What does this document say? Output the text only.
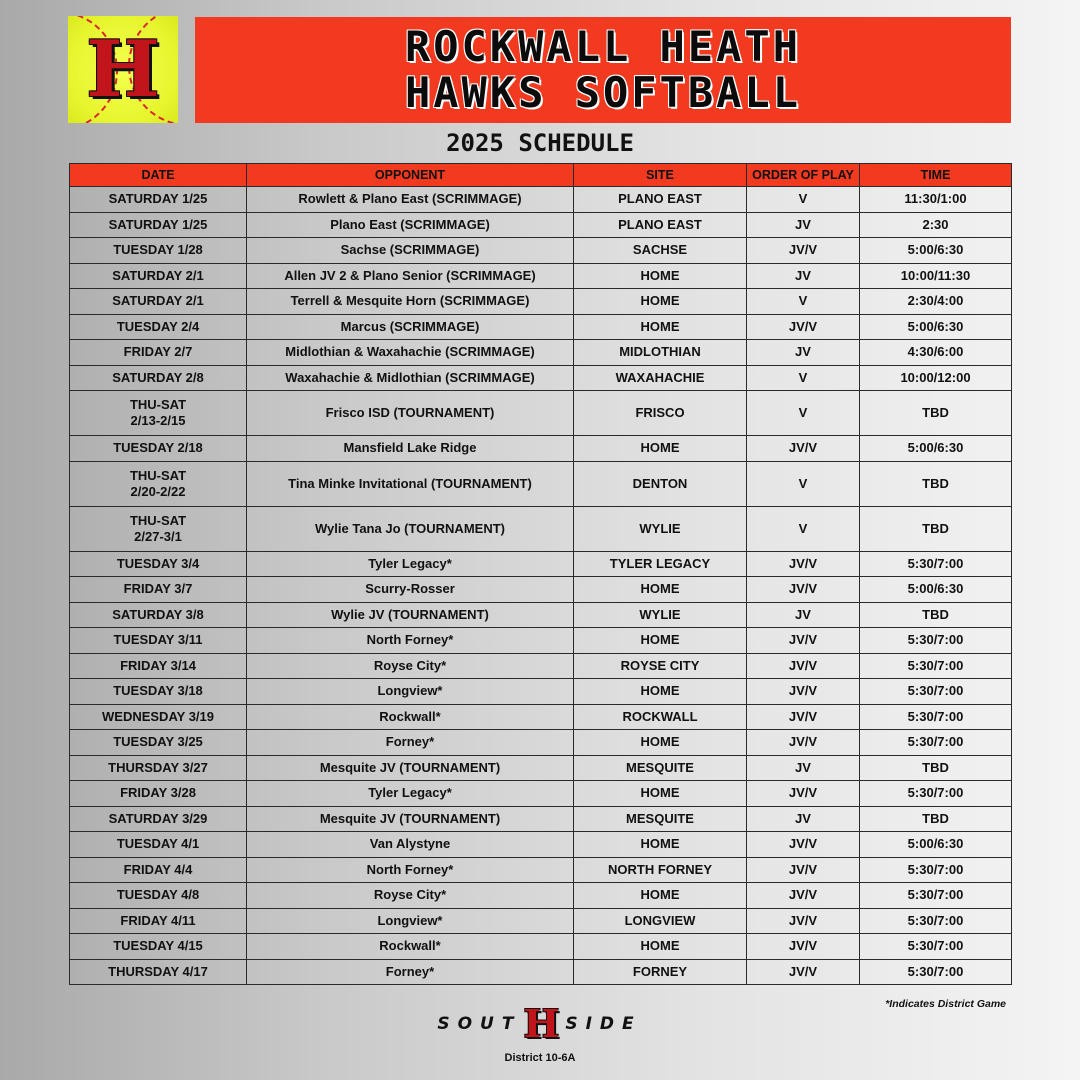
H	ROCKWALL HEATH
HAWKS SOFTBALL
2025 SCHEDULE
DATE	OPPONENT	SITE	ORDER OF PLAY	TIME
SATURDAY 1/25	Rowlett & Plano East (SCRIMMAGE)	PLANO EAST	V	11:30/1:00
SATURDAY 1/25	Plano East (SCRIMMAGE)	PLANO EAST	JV	2:30
TUESDAY 1/28	Sachse (SCRIMMAGE)	SACHSE	JV/V	5:00/6:30
SATURDAY 2/1	Allen JV 2 & Plano Senior (SCRIMMAGE)	HOME	JV	10:00/11:30
SATURDAY 2/1	Terrell & Mesquite Horn (SCRIMMAGE)	HOME	V	2:30/4:00
TUESDAY 2/4	Marcus (SCRIMMAGE)	HOME	JV/V	5:00/6:30
FRIDAY 2/7	Midlothian & Waxahachie (SCRIMMAGE)	MIDLOTHIAN	JV	4:30/6:00
SATURDAY 2/8	Waxahachie & Midlothian (SCRIMMAGE)	WAXAHACHIE	V	10:00/12:00

THU-SAT
2/13-2/15	Frisco ISD (TOURNAMENT)	FRISCO	V	TBD
TUESDAY 2/18	Mansfield Lake Ridge	HOME	JV/V	5:00/6:30

THU-SAT
2/20-2/22	Tina Minke Invitational (TOURNAMENT)	DENTON	V	TBD

THU-SAT
2/27-3/1	Wylie Tana Jo (TOURNAMENT)	WYLIE	V	TBD
TUESDAY 3/4	Tyler Legacy*	TYLER LEGACY	JV/V	5:30/7:00
FRIDAY 3/7	Scurry-Rosser	HOME	JV/V	5:00/6:30
SATURDAY 3/8	Wylie JV (TOURNAMENT)	WYLIE	JV	TBD
TUESDAY 3/11	North Forney*	HOME	JV/V	5:30/7:00
FRIDAY 3/14	Royse City*	ROYSE CITY	JV/V	5:30/7:00
TUESDAY 3/18	Longview*	HOME	JV/V	5:30/7:00
WEDNESDAY 3/19	Rockwall*	ROCKWALL	JV/V	5:30/7:00
TUESDAY 3/25	Forney*	HOME	JV/V	5:30/7:00
THURSDAY 3/27	Mesquite JV (TOURNAMENT)	MESQUITE	JV	TBD
FRIDAY 3/28	Tyler Legacy*	HOME	JV/V	5:30/7:00
SATURDAY 3/29	Mesquite JV (TOURNAMENT)	MESQUITE	JV	TBD
TUESDAY 4/1	Van Alystyne	HOME	JV/V	5:00/6:30
FRIDAY 4/4	North Forney*	NORTH FORNEY	JV/V	5:30/7:00
TUESDAY 4/8	Royse City*	HOME	JV/V	5:30/7:00
FRIDAY 4/11	Longview*	LONGVIEW	JV/V	5:30/7:00
TUESDAY 4/15	Rockwall*	HOME	JV/V	5:30/7:00
THURSDAY 4/17	Forney*	FORNEY	JV/V	5:30/7:00
*Indicates District Game
SOUT H SIDE
District 10-6A
